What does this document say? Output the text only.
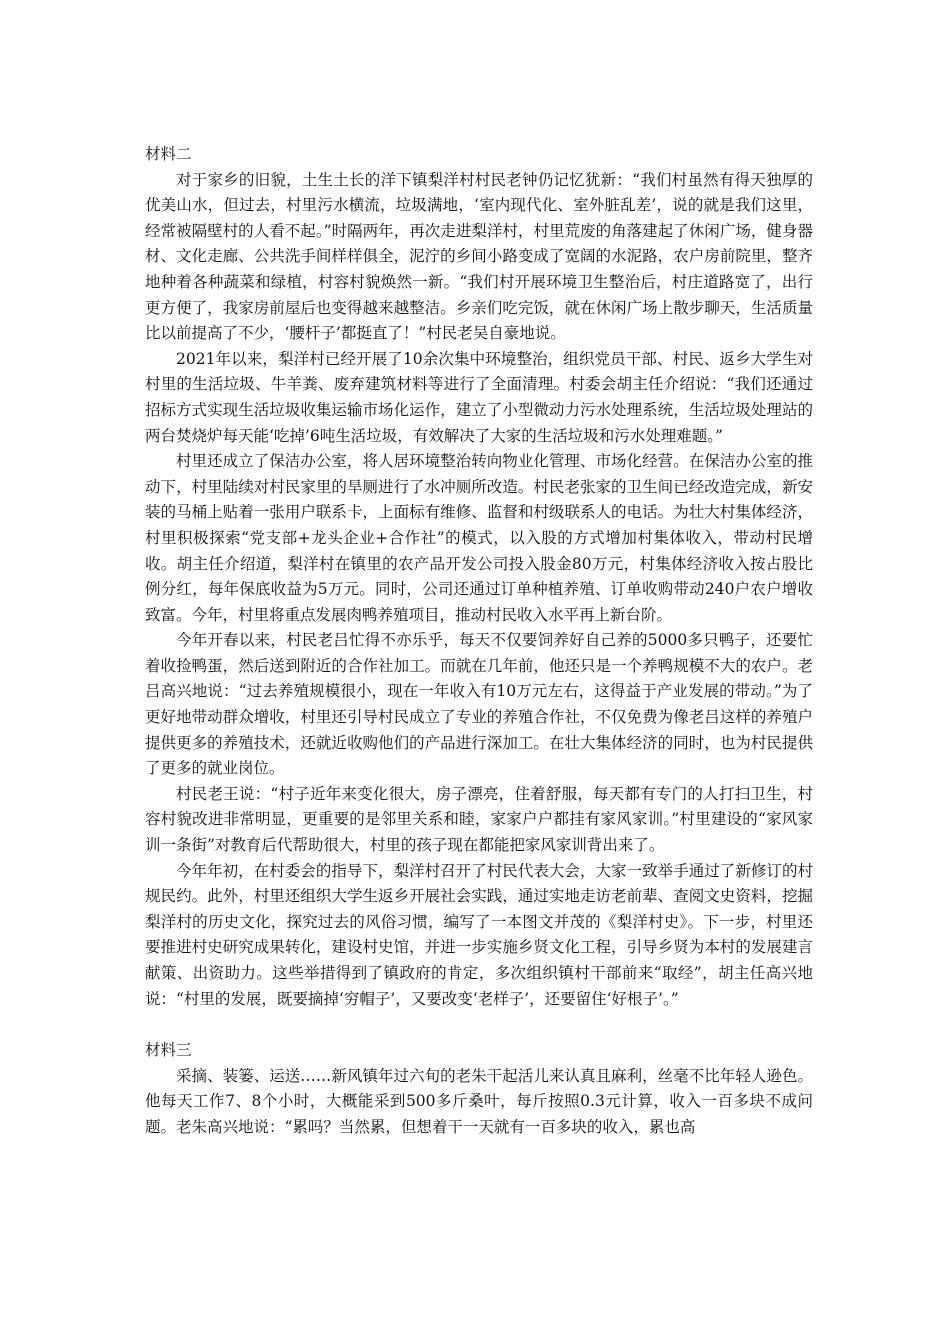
材料二

对于家乡的旧貌，土生土长的洋下镇梨洋村村民老钟仍记忆犹新：“我们村虽然有得天独厚的优美山水，但过去，村里污水横流，垃圾满地，‘室内现代化、室外脏乱差’，说的就是我们这里，经常被隔壁村的人看不起。”时隔两年，再次走进梨洋村，村里荒废的角落建起了休闲广场，健身器材、文化走廊、公共洗手间样样俱全，泥泞的乡间小路变成了宽阔的水泥路，农户房前院里，整齐地种着各种蔬菜和绿植，村容村貌焕然一新。“我们村开展环境卫生整治后，村庄道路宽了，出行更方便了，我家房前屋后也变得越来越整洁。乡亲们吃完饭，就在休闲广场上散步聊天，生活质量比以前提高了不少，‘腰杆子’都挺直了！”村民老吴自豪地说。

2021年以来，梨洋村已经开展了10余次集中环境整治，组织党员干部、村民、返乡大学生对村里的生活垃圾、牛羊粪、废弃建筑材料等进行了全面清理。村委会胡主任介绍说：“我们还通过招标方式实现生活垃圾收集运输市场化运作，建立了小型微动力污水处理系统，生活垃圾处理站的两台焚烧炉每天能‘吃掉’6吨生活垃圾，有效解决了大家的生活垃圾和污水处理难题。”

村里还成立了保洁办公室，将人居环境整治转向物业化管理、市场化经营。在保洁办公室的推动下，村里陆续对村民家里的旱厕进行了水冲厕所改造。村民老张家的卫生间已经改造完成，新安装的马桶上贴着一张用户联系卡，上面标有维修、监督和村级联系人的电话。为壮大村集体经济，村里积极探索“党支部+龙头企业+合作社”的模式，以入股的方式增加村集体收入，带动村民增收。胡主任介绍道，梨洋村在镇里的农产品开发公司投入股金80万元，村集体经济收入按占股比例分红，每年保底收益为5万元。同时，公司还通过订单种植养殖、订单收购带动240户农户增收致富。今年，村里将重点发展肉鸭养殖项目，推动村民收入水平再上新台阶。

今年开春以来，村民老吕忙得不亦乐乎，每天不仅要饲养好自己养的5000多只鸭子，还要忙着收捡鸭蛋，然后送到附近的合作社加工。而就在几年前，他还只是一个养鸭规模不大的农户。老吕高兴地说：“过去养殖规模很小，现在一年收入有10万元左右，这得益于产业发展的带动。”为了更好地带动群众增收，村里还引导村民成立了专业的养殖合作社，不仅免费为像老吕这样的养殖户提供更多的养殖技术，还就近收购他们的产品进行深加工。在壮大集体经济的同时，也为村民提供了更多的就业岗位。

村民老王说：“村子近年来变化很大，房子漂亮，住着舒服，每天都有专门的人打扫卫生，村容村貌改进非常明显，更重要的是邻里关系和睦，家家户户都挂有家风家训。”村里建设的“家风家训一条街”对教育后代帮助很大，村里的孩子现在都能把家风家训背出来了。

今年年初，在村委会的指导下，梨洋村召开了村民代表大会，大家一致举手通过了新修订的村规民约。此外，村里还组织大学生返乡开展社会实践，通过实地走访老前辈、查阅文史资料，挖掘梨洋村的历史文化，探究过去的风俗习惯，编写了一本图文并茂的《梨洋村史》。下一步，村里还要推进村史研究成果转化，建设村史馆，并进一步实施乡贤文化工程，引导乡贤为本村的发展建言献策、出资助力。这些举措得到了镇政府的肯定，多次组织镇村干部前来“取经”，胡主任高兴地说：“村里的发展，既要摘掉‘穷帽子’，又要改变‘老样子’，还要留住‘好根子’。”

材料三

采摘、装篓、运送……新风镇年过六旬的老朱干起活儿来认真且麻利，丝毫不比年轻人逊色。他每天工作7、8个小时，大概能采到500多斤桑叶，每斤按照0.3元计算，收入一百多块不成问题。老朱高兴地说：“累吗？当然累，但想着干一天就有一百多块的收入，累也高
